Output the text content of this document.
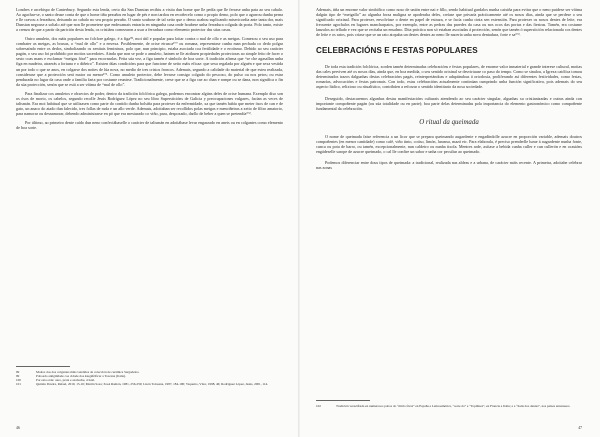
Londres e arcebispo de Canterbury. Segundo esta lenda, certo día San Dunstan recibiu a visita dun home que lle pedía que lle ferrase unha pata ao seu cabalo. Ao agachar-se, o santo deuse conta de que o home tiña pezuños en lugar de pés e non tardou en recoñecelo como o propio demo, polo que o agarrou dunha perna e lle cravou a ferradura, deixando ao cabalo no seu propio pezuño. O santo soubose de tal xeito que o demo acabou suplicando misericordia ante tanta dor, mais Dunstan negouse a soltalo até que non lle prometese que endexamais entraría en ningunha casa onde houbese unha ferradura colgada da porta. Polo tanto, existe a crenza de que a partir da parición desta lenda, os cristiáns comezaron a usar a ferradura como elemento protector das súas casas.

Outro amuleto, dos máis populares no folclore galego, é a figa⁹⁹, moi útil e popular para loitar contra o mal de ollo e as meigas. Comezou o seu uso para combater as meigas, as bruxas, o “mal de ollo” e a envexa. Posiblemente, de orixe etrusca¹⁰⁰ ou romana, representase cunha man pechada co dedo polgar sobresaíndo entre os dedos, simbolizando os xenitais femininos, polo que, nun principio, estaba asociada coa fertilidade e o erotismo. Debido ao seu carácter pagán, o seu uso foi prohibido por moitos sacerdotes. Ainda que non se pode o amuleto, hainen se lle atribuen propiedades protectoras ao simple feito de facer o sesto coas mans e exclamar “meigas fóra!” para escornarlas. Feita súa vez, a figa tamén é símbolo de boa sorte. A tradición afirma que “se che agasallan unha figa en madeira, atraerás a fortuna e o diñeiro”. Existen dúas condicións para que funcione de xeito máis eficaz: que sexa regalada por alguén e que sexa vestida un por todo o que se anos, en colgarse dos noites de lúa nova, no medio de tres cristos froncos. Ademais, segundo a calidade do material de que estea realizada, considerase que a protección será maior ou menor¹⁰¹. Como amuleto protector, debe levarse consigo colgado do pescozo, do pulso ou nos petos; ou estar pendurada no lugar da casa onde a familia farta por costume reunirse. Tradicionalmente, crese que se a figa cae ao chan e rompe ou se dana, non significa o fin da súa protección, senón que se está a ser vítima de “mal de ollo”.

Para finalizar cos amuletos e obxectos de poder, dentro da tradición folclórica galega, podemos encontrar algúns deles de orixe humana. Exemplo diso son os ósos de morto, os cabelos, segundo recolle Jesús Rodríguez López no seu libro Supersticións de Galicia y preocupaciones vulgares, facían as veces de talismán. Era moi habitual que se utilizasen como parte do contido dunha bolsiña para protexer da enfermidade, xa que tamén había que meter ósos de can e de gato, un anaco do atado dun falecido, tres follas de ruda e un allo verde. Ademais, adoitaban ser recollidos polas meigas e menciñeiras a xeito de filtro amatorio, para namorar ou desnamorar, debendo administrarse en pó que era mesturado co viño, para, despoxado, darllo de beber a quen se pretendía¹⁰².

Por último, ao primeiro dente caído dun neno confeciábaselle o carácter de talismán en adoitábase levar engarzado en aneis ou en colgantes como elemento de boa sorte.

99	Moitos dos dos colgantes máis vendidos da colección de cerámica Sargadelos.
99	Poboado antigüidade coa cidade dos ásugéfrificar a Toscana (Italia).
100	Por esta orde: ouro, prata e azabache, cristal.
101	Quintía Pereira, Rafael, 2010, 15-16; Martín Sosa; Xosé Ramón, 1981, 256-259; Lisón Tolosana, 1987, 184-190; Vaqueiro, Vítor, 1998, 46; Rodríguez López, Jesús, 2001, 114.
46

Ademais, tiña un enorme valor simbólico como noso de unión entre nai e fillo, sendo habitual gardalos nunha caixiña para evitar que o neno puidese ser vítima dalgún tipo de “meigallo” ao algunha forza maligna se apoderaba deles, creíase que privaría prácticamente até os nosos días, ainda que se perdese o seu significado orixinal. Para protexer, envolvíase o dente en papel de estraza, e se facía cunha cinta sen extensión. Para protexer os nosos dentes de leite, era frecuente agochalos en lugares mancharpatos, por exemplo, entre as pedras das paredes da casa ou nos ocos das portas e das fiestras. Tamén, era costume lanzalos ao tellado e vez que se recitaba un ensalmo. Dita práctica non só estaban asociadas á protección, senón que tamén ó superstición relacionada cos dentes de leite e os ratos, pois críase que se un rato atopaba un destes dentes ao neno lle nacería unha nova dentadura, forte e sa¹⁰³.

CELEBRACIÓNS E FESTAS POPULARES

De toda esta tradición folclórica, xorden tamén determinadas celebracións e festas populares, de enorme valor inmaterial e grande interese cultural, moitas das cales perviven até os nosos días, ainda que, en boa medida, o seu sentido orixinal se desvirtuase co paso do tempo. Como se sinalou, a Igrexa católica tomou determinados trazos dalgunhas destas celebracións pagás, reinterpretándoas e adaptándoas á ortodoxia, proliferando así diferentes festividades, como festas, romarías, advocacións e festas patronais. Con todo, estas celebracións actualmente continúan cumprindo unha función significativa, pois ademais do seu aspecto lúdico, relixioso ou ritualístico, contribúen a reforzar o sentido identitario da nosa sociedade.

Deseguido, destacaremos algunhas destas manifestacións culturais atendendo ao seu carácter singular, algunhas xa cristianizadas e outras ainda con importante compoñente pagán (ou súa totalidade ou en parte); boa parte delas determinadas pola importancia do elemento gastronómico como compoñente fundamental da celebración.

O ritual da queimada

O nome de queimada faise referencia a un licor que se prepara queimando augardente e engadíndolle azucre en proporción variable, ademais doutros compoñentes (en menor cantidade) como café, viño tinto, cotiso, limón, laranxa, mazá etc. Para elaborala, é preciso prenderlle lume á augardente nunha fonte, cunca ou pota de barro, ou tamén, excepcionalmente, nun caldeiro ou nunha tixola. Mentres arde, axítase a bebida cunha culler e cun cullerón e en ocasións engádeselle sarope de azucre queimado, o cal lle confire un sabor e unha cor peculiar ao queimado.

Podemos diferenciar entre dous tipos de queimada: a tradicional, realizada nas aldeas e a urbana, de carácter máis recente. A primeira, adoitabe celebrar nas zonas

102	Tradición verezífrada en numerosos pobos do “mirlo fórsz” en España e Latinoamérica, “sorte do” e “Topilínez”, en Francia e Italia; e a “hada dos dentes”, nos países anxenseos.
47
